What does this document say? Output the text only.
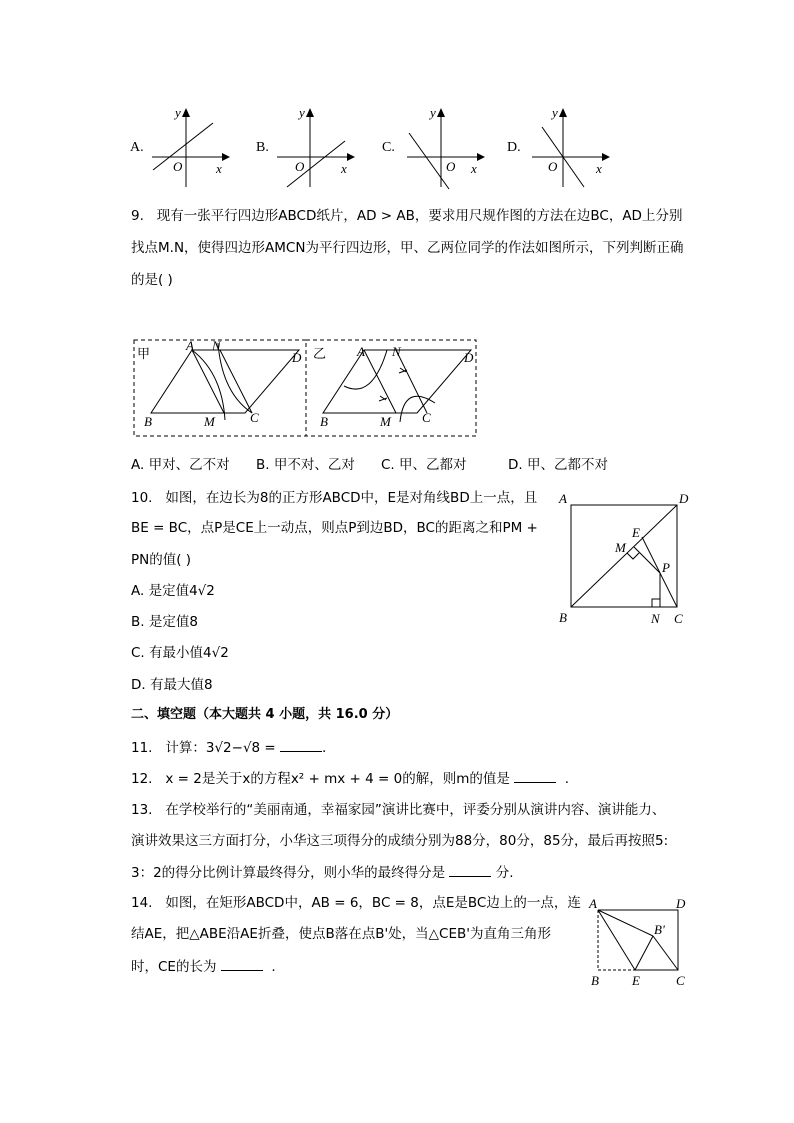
A.
y
O	x
B.
y
O	x
C.
y
O x
D.
y
O	x
9. 现有一张平行四边形ABCD纸片，AD > AB，要求用尺规作图的方法在边BC，AD上分别
找点M.N，使得四边形AMCN为平行四边形，甲、乙两位同学的作法如图所示，下列判断正确
的是( )
甲
A N
D
B	M	C
乙 A N	D
B	M C
A. 甲对、乙不对 B. 甲不对、乙对 C. 甲、乙都对	D. 甲、乙都不对
10. 如图，在边长为8的正方形ABCD中，E是对角线BD上一点，且
BE = BC，点P是CE上一动点，则点P到边BD，BC的距离之和PM +
PN的值( )
A. 是定值4√2
B. 是定值8
C. 有最小值4√2
D. 有最大值8
A	D
E
M
P
B	N C
二、填空题（本大题共 4 小题，共 16.0 分）
11. 计算：3√2−√8 =	.
12. x = 2是关于x的方程x² + mx + 4 = 0的解，则m的值是	.
13. 在学校举行的“美丽南通，幸福家园”演讲比赛中，评委分别从演讲内容、演讲能力、
演讲效果这三方面打分，小华这三项得分的成绩分别为88分，80分，85分，最后再按照5:
3：2的得分比例计算最终得分，则小华的最终得分是	分.
14. 如图，在矩形ABCD中，AB = 6，BC = 8，点E是BC边上的一点，连
结AE，把△ABE沿AE折叠，使点B落在点B'处，当△CEB'为直角三角形
时，CE的长为	.
A	D
B'
B	E	C
